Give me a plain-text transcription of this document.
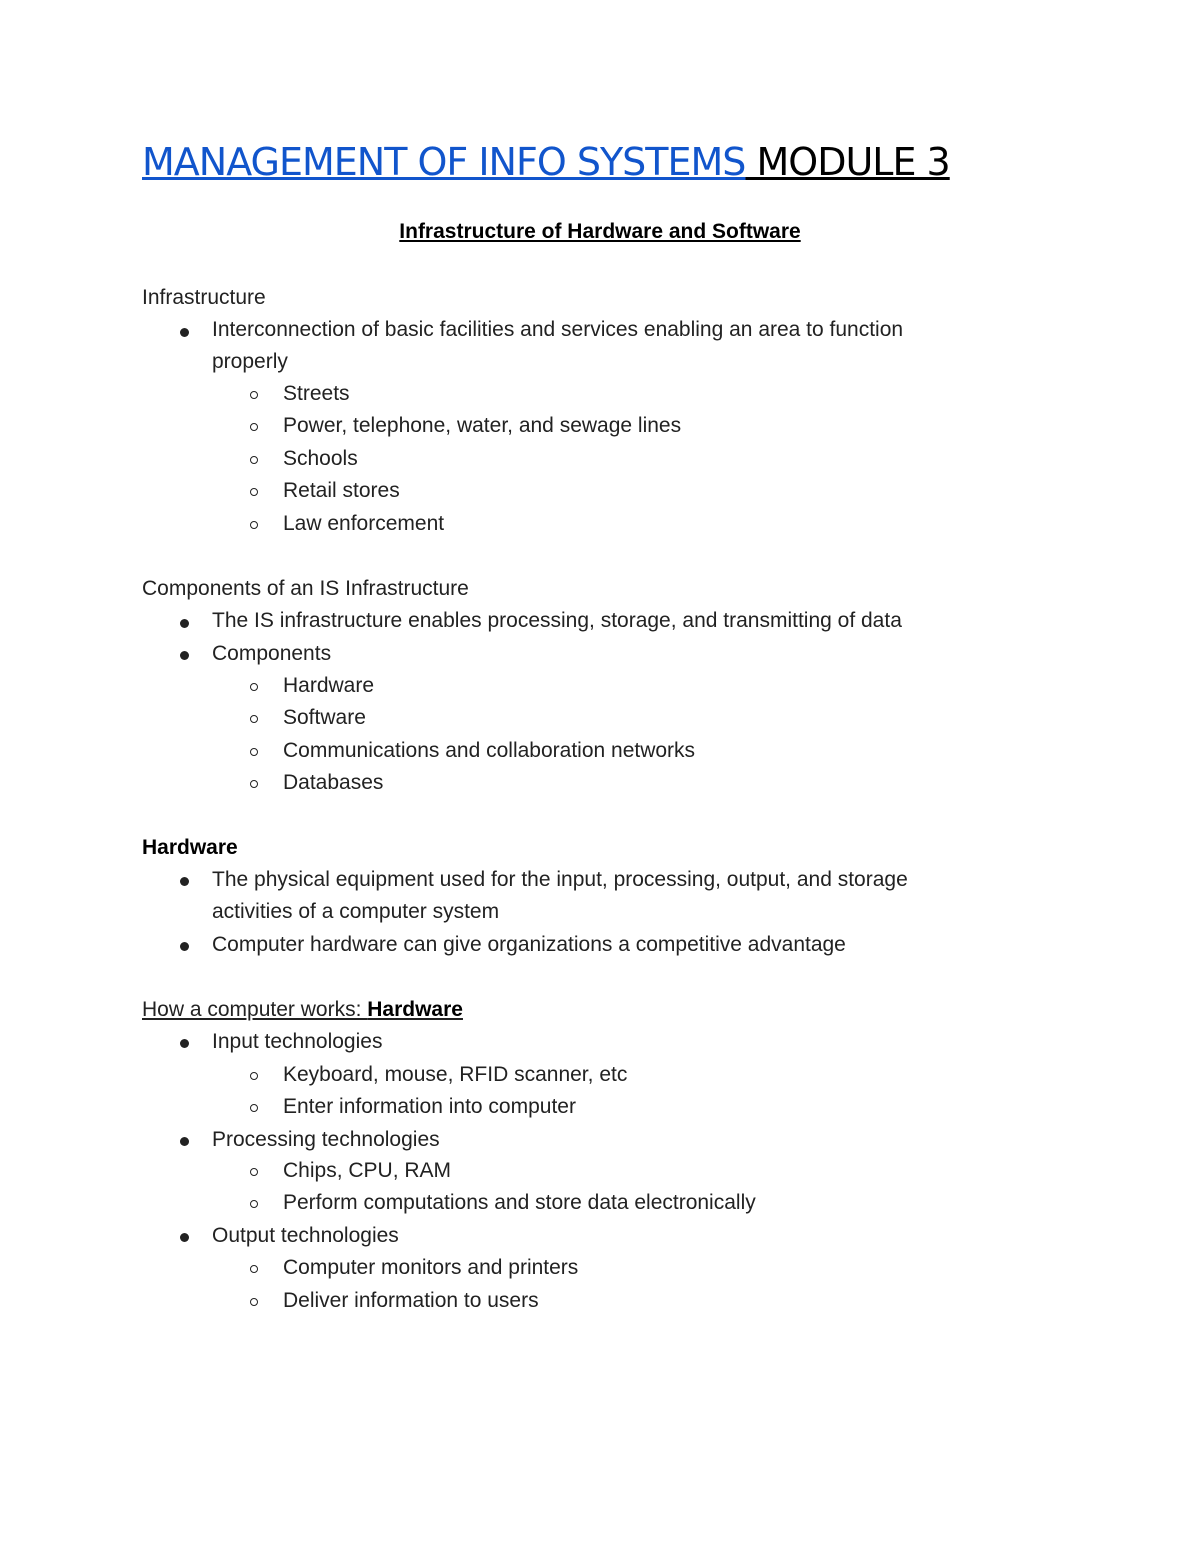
MANAGEMENT OF INFO SYSTEMS MODULE 3
Infrastructure of Hardware and Software
Infrastructure
Interconnection of basic facilities and services enabling an area to function
properly
Streets
Power, telephone, water, and sewage lines
Schools
Retail stores
Law enforcement
Components of an IS Infrastructure
The IS infrastructure enables processing, storage, and transmitting of data
Components
Hardware
Software
Communications and collaboration networks
Databases
Hardware
The physical equipment used for the input, processing, output, and storage
activities of a computer system
Computer hardware can give organizations a competitive advantage
How a computer works: Hardware
Input technologies
Keyboard, mouse, RFID scanner, etc
Enter information into computer
Processing technologies
Chips, CPU, RAM
Perform computations and store data electronically
Output technologies
Computer monitors and printers
Deliver information to users
